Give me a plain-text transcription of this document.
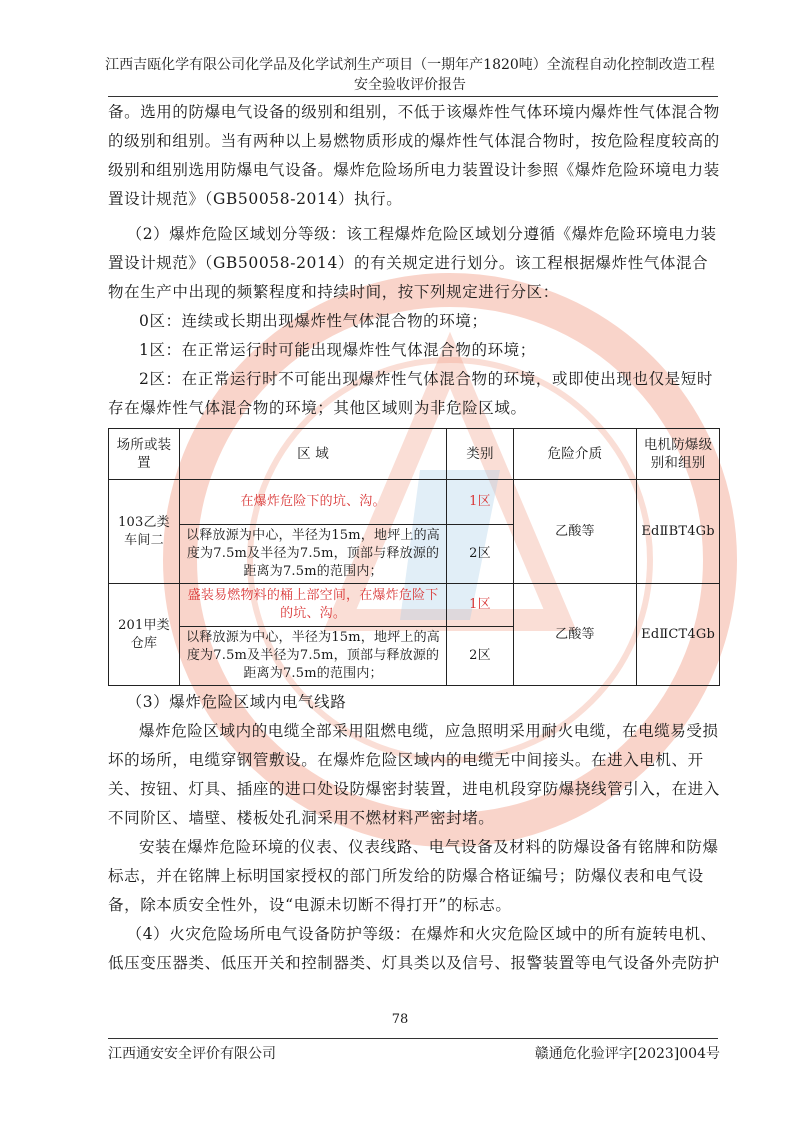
江西吉瓯化学有限公司化学品及化学试剂生产项目（一期年产1820吨）全流程自动化控制改造工程
安全验收评价报告

备。选用的防爆电气设备的级别和组别，不低于该爆炸性气体环境内爆炸性气体混合物的级别和组别。当有两种以上易燃物质形成的爆炸性气体混合物时，按危险程度较高的级别和组别选用防爆电气设备。爆炸危险场所电力装置设计参照《爆炸危险环境电力装置设计规范》（GB50058-2014）执行。

（2）爆炸危险区域划分等级：该工程爆炸危险区域划分遵循《爆炸危险环境电力装置设计规范》（GB50058-2014）的有关规定进行划分。该工程根据爆炸性气体混合物在生产中出现的频繁程度和持续时间，按下列规定进行分区：

0区：连续或长期出现爆炸性气体混合物的环境；

1区：在正常运行时可能出现爆炸性气体混合物的环境；

2区：在正常运行时不可能出现爆炸性气体混合物的环境，或即使出现也仅是短时存在爆炸性气体混合物的环境；其他区域则为非危险区域。

场所或装置	区 域	类别	危险介质	电机防爆级别和组别
103乙类车间二	在爆炸危险下的坑、沟。	1区	乙酸等	EdⅡBT4Gb
	以释放源为中心，半径为15m，地坪上的高度为7.5m及半径为7.5m，顶部与释放源的距离为7.5m的范围内；	2区		
201甲类仓库	盛装易燃物料的桶上部空间，在爆炸危险下的坑、沟。	1区	乙酸等	EdⅡCT4Gb
	以释放源为中心，半径为15m，地坪上的高度为7.5m及半径为7.5m，顶部与释放源的距离为7.5m的范围内；	2区		

（3）爆炸危险区域内电气线路

爆炸危险区域内的电缆全部采用阻燃电缆，应急照明采用耐火电缆，在电缆易受损坏的场所，电缆穿钢管敷设。在爆炸危险区域内的电缆无中间接头。在进入电机、开关、按钮、灯具、插座的进口处设防爆密封装置，进电机段穿防爆挠线管引入，在进入不同阶区、墙壁、楼板处孔洞采用不燃材料严密封堵。

安装在爆炸危险环境的仪表、仪表线路、电气设备及材料的防爆设备有铭牌和防爆标志，并在铭牌上标明国家授权的部门所发给的防爆合格证编号；防爆仪表和电气设备，除本质安全性外，设“电源未切断不得打开”的标志。

（4）火灾危险场所电气设备防护等级：在爆炸和火灾危险区域中的所有旋转电机、低压变压器类、低压开关和控制器类、灯具类以及信号、报警装置等电气设备外壳防护

78
江西通安安全评价有限公司	赣通危化验评字[2023]004号
